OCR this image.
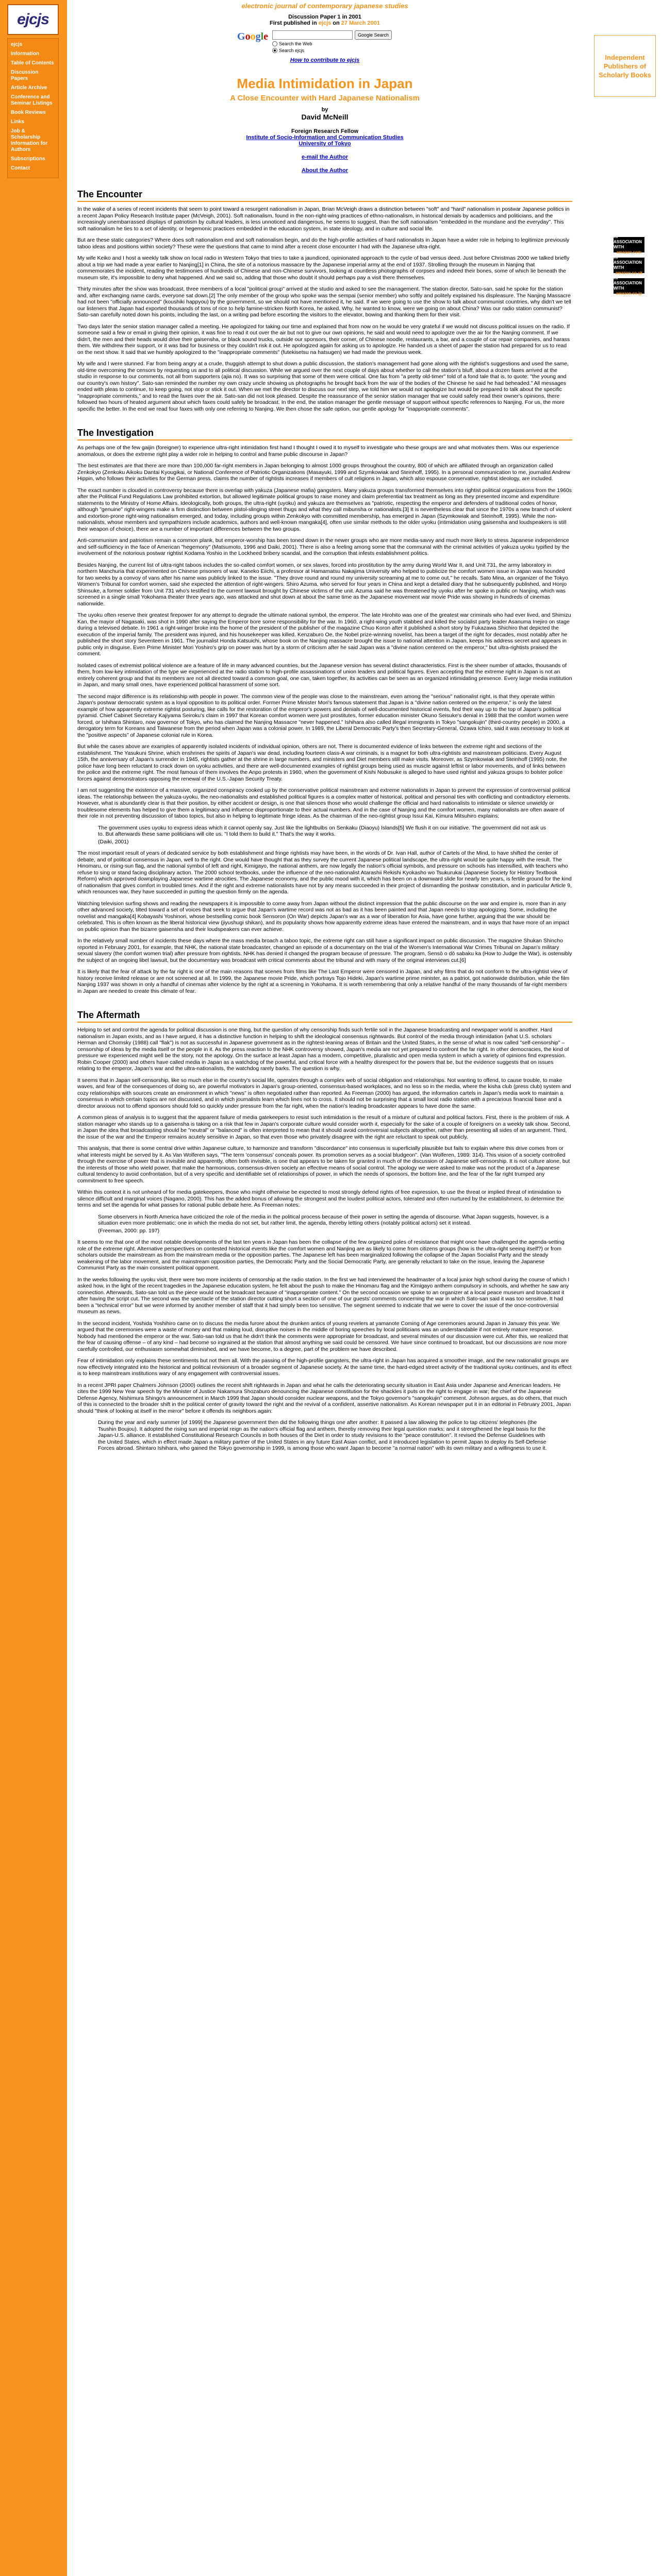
ejcjs
ejcjs
Information
Table of Contents
Discussion Papers
Article Archive
Conference and Seminar Listings
Book Reviews
Links
Job & Scholarship Information for Authors
Subscriptions
Contact
Independent Publishers of Scholarly Books
IN ASSOCIATION WITH
amazon.com
IN ASSOCIATION WITH
amazon.co.uk
IN ASSOCIATION WITH
amazon.co.jp
electronic journal of contemporary japanese studies
Discussion Paper 1 in 2001
First published in ejcjs on 27 March 2001
Google	Google Search
Search the Web
Search ejcjs
How to contribute to ejcjs
Media Intimidation in Japan
A Close Encounter with Hard Japanese Nationalism
by
David McNeill
Foreign Research Fellow
Institute of Socio-Information and Communication Studies
University of Tokyo
e-mail the Author
About the Author
The Encounter

In the wake of a series of recent incidents that seem to point toward a resurgent nationalism in Japan, Brian McVeigh draws a distinction between "soft" and "hard" nationalism in postwar Japanese politics in a recent Japan Policy Research Institute paper (McVeigh, 2001). Soft nationalism, found in the non-right-wing practices of ethno-nationalism, in historical denials by academics and politicians, and the increasingly unembarrassed displays of patriotism by cultural leaders, is less unnoticed and dangerous, he seems to suggest, than the soft nationalism "embedded in the mundane and the everyday". This soft nationalism he ties to a set of identity, or hegemonic practices embedded in the education system, in state ideology, and in culture and social life.

But are these static categories? Where does soft nationalism end and soft nationalism begin, and do the high-profile activities of hard nationalists in Japan have a wider role in helping to legitimize previously taboo ideas and positions within society? These were the questions that came to mind after a recent close encounter I had with the Japanese ultra-right.

My wife Keiko and I host a weekly talk show on local radio in Western Tokyo that tries to take a jaundiced, opinionated approach to the cycle of bad versus deed. Just before Christmas 2000 we talked briefly about a trip we had made a year earlier to Nanjing[1] in China, the site of a notorious massacre by the Japanese imperial army at the end of 1937. Strolling through the museum in Nanjing that commemorates the incident, reading the testimonies of hundreds of Chinese and non-Chinese survivors, looking at countless photographs of corpses and indeed their bones, some of which lie beneath the museum site, it's impossible to deny what happened. And we said so, adding that those who doubt it should perhaps pay a visit there themselves.

Thirty minutes after the show was broadcast, three members of a local "political group" arrived at the studio and asked to see the management. The station director, Sato-san, said he spoke for the station and, after exchanging name cards, everyone sat down.[2] The only member of the group who spoke was the sempai (senior member) who softly and politely explained his displeasure. The Nanjing Massacre had not been "officially announced" (koushiki happyou) by the government, so we should not have mentioned it, he said. If we were going to use the show to talk about communist countries, why didn't we tell our listeners that Japan had exported thousands of tons of rice to help famine-stricken North Korea, he asked. Why, he wanted to know, were we going on about China? Was our radio station communist? Sato-san carefully noted down his points, including the last, on a writing pad before escorting the visitors to the elevator, bowing and thanking them for their visit.

Two days later the senior station manager called a meeting. He apologized for taking our time and explained that from now on he would be very grateful if we would not discuss political issues on the radio. If someone said a few or email in giving their opinion, it was fine to read it out over the air but not to give our own opinions, he said and would need to apologize over the air for the Nanjing comment. If we didn't, the men and their heads would drive their gaisensha, or black sound trucks, outside our sponsors, their corner, of Chinese noodle, restaurants, a bar, and a couple of car repair companies, and harass them. We withdrew their support, or it was bad for business or they couldn't risk it out. He apologized again for asking us to apologize. He handed us a sheet of paper the station had prepared for us to read on the next show. It said that we humbly apologized to the "inappropriate comments" (futekisetsu na hatsugen) we had made the previous week.

My wife and I were stunned. Far from being angry at a crude, thuggish attempt to shut down a public discussion, the station's management had gone along with the rightist's suggestions and used the same, old-time overcoming the censors by requesting us and to all political discussion. While we argued over the next couple of days about whether to call the station's bluff, about a dozen faxes arrived at the studio in response to our comments, not all from supporters (ajia no). It was so surprising that some of them were critical. One fax from "a pretty old-timer" told of a fond tale that is, to quote: "the young and our country's own history". Sato-san reminded the number my own crazy uncle showing us photographs he brought back from the war of the bodies of the Chinese he said he had beheaded." All messages ended with pleas to continue, to keep going, not stop or stick it out. When we met the director to discuss our next step, we told him we would not apologize but would be prepared to talk about the specific "inappropriate comments," and to read the faxes over the air. Sato-san did not look pleased. Despite the reassurance of the senior station manager that we could safely read their owner's opinions, there followed two hours of heated argument about which faxes could safely be broadcast. In the end, the station manager the gentle message of support without specific references to Nanjing. For us, the more specific the better. In the end we read four faxes with only one referring to Nanjing. We then chose the safe option, our gentle apology for "inappropriate comments".

The Investigation

As perhaps one of the few gaijin (foreigner) to experience ultra-right intimidation first hand I thought I owed it to myself to investigate who these groups are and what motivates them. Was our experience anomalous, or does the extreme right play a wider role in helping to control and frame public discourse in Japan?

The best estimates are that there are more than 100,000 far-right members in Japan belonging to almost 1000 groups throughout the country, 800 of which are affiliated through an organization called Zenkokyo (Zenkoku Aikoku Dantai Kyougikai, or National Conference of Patriotic Organizations (Masayuki, 1999 and Szymkowiak and Steinhoff, 1995). In a personal communication to me, journalist Andrew Hippin, who follows their activities for the German press, claims the number of rightists increases if members of cult religions in Japan, which also espouse conservative, rightist ideology, are included.

The exact number is clouded in controversy because there is overlap with yakuza (Japanese mafia) gangsters. Many yakuza groups transformed themselves into rightist political organizations from the 1960s after the Political Fund Regulations Law prohibited extortion, but allowed legitimate political groups to raise money and claim preferential tax treatment as long as they presented income and expenditure statements to the Ministry of Home Affairs. Ideologically, both groups, the ultra-right (uyoku) and yakuza are themselves as "patriotic, respecting the emperor and defenders of traditional codes of honor, although "genuine" right-wingers make a firm distinction between pistol-slinging street thugs and what they call mibunsha or nationalists.[3] It is nevertheless clear that since the 1970s a new branch of violent and extortion-prone right-wing nationalism emerged, and today, including groups within Zenkokyo with committed membership, has emerged in Japan (Szymkowiak and Steinhoff, 1995). While the non-nationalists, whose members and sympathizers include academics, authors and well-known mangaka[4], often use similar methods to the older uyoku (intimidation using gaisensha and loudspeakers is still their weapon of choice), there are a number of important differences between the two groups.

Anti-communism and patriotism remain a common plank, but emperor-worship has been toned down in the newer groups who are more media-savvy and much more likely to stress Japanese independence and self-sufficiency in the face of American "hegemony" (Matsumoto, 1996 and Daiki, 2001). There is also a feeling among some that the communal with the criminal activities of yakuza uyoku typified by the involvement of the notorious postwar rightist Kodama Yoshio in the Lockheed bribery scandal, and the corruption that infests establishment politics.

Besides Nanjing, the current list of ultra-right taboos includes the so-called comfort women, or sex slaves, forced into prostitution by the army during World War II, and Unit 731, the army laboratory in northern Manchuria that experimented on Chinese prisoners of war. Kaneko Eiichi, a professor at Hamamatsu Nakajima University who helped to publicize the comfort women issue in Japan was hounded for two weeks by a convoy of vans after his name was publicly linked to the issue. "They drove round and round my university screaming at me to come out," he recalls. Sato Mina, an organizer of the Tokyo Women's Tribunal for comfort women, said she expected the attention of right-wingers. Shiro Azuma, who served for four years in China and kept a detailed diary that he subsequently published, and Honjo Shinsuke, a former soldier from Unit 731 who's testified to the current lawsuit brought by Chinese victims of the unit. Azuma said he was threatened by uyoku after he spoke in public on Nanjing, which was screened in a single small Yokohama theater three years ago, was attacked and shut down at about the same time as the Japanese movement war movie Pride was showing in hundreds of cinemas nationwide.

The uyoku often reserve their greatest firepower for any attempt to degrade the ultimate national symbol, the emperor. The late Hirohito was one of the greatest war criminals who had ever lived, and Shimizu Kan, the mayor of Nagasaki, was shot in 1990 after saying the Emperor bore some responsibility for the war. In 1960, a right-wing youth stabbed and killed the socialist party leader Asanuma Inejiro on stage during a televised debate. In 1961 a right-winger broke into the home of the president of the publisher of the magazine Chuo Koron after it published a short story by Fukazawa Shichiro that depicted the execution of the imperial family. The president was injured, and his housekeeper was killed. Kenzaburo Oe, the Nobel prize-winning novelist, has been a target of the right for decades, most notably after he published the short story Seventeen in 1961. The journalist Honda Katsuichi, whose book on the Nanjing massacre brought the issue to national attention in Japan, keeps his address secret and appears in public only in disguise. Even Prime Minister Mori Yoshiro's grip on power was hurt by a storm of criticism after he said Japan was a "divine nation centered on the emperor," but ultra-rightists praised the comment.

Isolated cases of extremist political violence are a feature of life in many advanced countries, but the Japanese version has several distinct characteristics. First is the sheer number of attacks, thousands of them, from low-key intimidation of the type we experienced at the radio station to high-profile assassinations of union leaders and political figures. Even accepting that the extreme right in Japan is not an entirely coherent group and that its members are not all directed toward a common goal, one can, taken together, its activities can be seen as an organized intimidating presence. Every large media institution in Japan, and many small ones, have experienced political harassment of some sort.

The second major difference is its relationship with people in power. The common view of the people was close to the mainstream, even among the "serious" nationalist right, is that they operate within Japan's postwar democratic system as a loyal opposition to its political order. Former Prime Minister Mori's famous statement that Japan is a "divine nation centered on the emperor," is only the latest example of how apparently extreme rightist posturing, like calls for the restoration of the emperor's powers and denials of well-documented historical events, find their way up to the top of Japan's political pyramid. Chief Cabinet Secretary Kajiyama Seiroku's claim in 1997 that Korean comfort women were just prostitutes, former education minister Okuno Seisuke's denial in 1988 that the comfort women were forced, or Ishihara Shintaro, now governor of Tokyo, who has claimed the Nanjing Massacre "never happened." Ishihara also called illegal immigrants in Tokyo "sangokujin" (third-country people) in 2000, a derogatory term for Koreans and Taiwanese from the period when Japan was a colonial power. In 1989, the Liberal Democratic Party's then Secretary-General, Ozawa Ichiro, said it was necessary to look at the "positive aspects" of Japanese colonial rule in Korea.

But while the cases above are examples of apparently isolated incidents of individual opinion, others are not. There is documented evidence of links between the extreme right and sections of the establishment. The Yasukuni Shrine, which enshrines the spirits of Japan's war dead, including fourteen class-A war criminals, is a magnet for both ultra-rightists and mainstream politicians. Every August 15th, the anniversary of Japan's surrender in 1945, rightists gather at the shrine in large numbers, and ministers and Diet members still make visits. Moreover, as Szymkowiak and Steinhoff (1995) note, the police have long been reluctant to crack down on uyoku activities, and there are well-documented examples of rightist groups being used as muscle against leftist or labor movements, and of links between the police and the extreme right. The most famous of them involves the Anpo protests in 1960, when the government of Kishi Nobusuke is alleged to have used rightist and yakuza groups to bolster police forces against demonstrators opposing the renewal of the U.S.-Japan Security Treaty.

I am not suggesting the existence of a massive, organized conspiracy cooked up by the conservative political mainstream and extreme nationalists in Japan to prevent the expression of controversial political ideas. The relationship between the yakuza-uyoku, the neo-nationalists and established political figures is a complex matter of historical, political and personal ties with conflicting and contradictory elements. However, what is abundantly clear is that their position, by either accident or design, is one that silences those who would challenge the official and hard nationalists to intimidate or silence unwieldy or troublesome elements has helped to give them a legitimacy and influence disproportionate to their actual numbers. And in the case of Nanjing and the comfort women, many nationalists are often aware of their role in not preventing discussion of taboo topics, but also in helping to legitimate fringe ideas. As the chairman of the neo-rightist group Issui Kai, Kimura Mitsuhiro explains:

The government uses uyoku to express ideas which it cannot openly say. Just like the lightbulbs on Senkaku (Diaoyu) Islands[5] We flush it on our initiative. The government did not ask us to. But afterwards these same politicians will cite us. "I told them to build it." That's the way it works.
(Daiki, 2001)

The most important result of years of dedicated service by both establishment and fringe rightists may have been, in the words of Dr. Ivan Hall, author of Cartels of the Mind, to have shifted the center of debate, and of political consensus in Japan, well to the right. One would have thought that as they survey the current Japanese political landscape, the ultra-right would be quite happy with the result. The Hinomaru, or rising-sun flag, and the national symbol of left and right, Kimigayo, the national anthem, are now legally the nation's official symbols, and pressure on schools has intensified, with teachers who refuse to sing or stand facing disciplinary action. The 2000 school textbooks, under the influence of the neo-nationalist Atarashii Rekishi Kyokasho wo Tsukurukai (Japanese Society for History Textbook Reform) which approved downplaying Japanese wartime atrocities. The Japanese economy, and the public mood with it, which has been on a downward slide for nearly ten years, is fertile ground for the kind of nationalism that gives comfort in troubled times. And if the right and extreme nationalists have not by any means succeeded in their project of dismantling the postwar constitution, and in particular Article 9, which renounces war, they have succeeded in putting the question firmly on the agenda.

Watching television surfing shows and reading the newspapers it is impossible to come away from Japan without the distinct impression that the public discourse on the war and empire is, more than in any other advanced society, tilted toward a set of voices that seek to argue that Japan's wartime record was not as bad as it has been painted and that Japan needs to stop apologizing. Some, including the novelist and mangaka[4] Kobayashi Yoshinori, whose bestselling comic book Sensoron (On War) depicts Japan's war as a war of liberation for Asia, have gone further, arguing that the war should be celebrated. This is often known as the liberal historical view (jiyushugi shikan), and its popularity shows how apparently extreme ideas have entered the mainstream, and in ways that have more of an impact on public opinion than the bizarre gaisensha and their loudspeakers can ever achieve.

In the relatively small number of incidents these days where the mass media broach a taboo topic, the extreme right can still have a significant impact on public discussion. The magazine Shukan Shincho reported in February 2001, for example, that NHK, the national state broadcaster, changed an episode of a documentary on the trial of the Women's International War Crimes Tribunal on Japan's military sexual slavery (the comfort women trial) after pressure from rightists. NHK has denied it changed the program because of pressure. The program, Sensō o dō sabaku ka (How to Judge the War), is ostensibly the subject of an ongoing libel lawsuit, but the documentary was broadcast with critical comments about the tribunal and with many of the original interviews cut.[6]

It is likely that the fear of attack by the far right is one of the main reasons that scenes from films like The Last Emperor were censored in Japan, and why films that do not conform to the ultra-rightist view of history receive limited release or are not screened at all. In 1999, the Japanese movie Pride, which portrays Tojo Hideki, Japan's wartime prime minister, as a patriot, got nationwide distribution, while the film Nanjing 1937 was shown in only a handful of cinemas after violence by the right at a screening in Yokohama. It is worth remembering that only a relative handful of the many thousands of far-right members in Japan are needed to create this climate of fear.

The Aftermath

Helping to set and control the agenda for political discussion is one thing, but the question of why censorship finds such fertile soil in the Japanese broadcasting and newspaper world is another. Hard nationalism in Japan exists, and as I have argued, it has a distinctive function in helping to shift the ideological consensus rightwards. But control of the media through intimidation (what U.S. scholars Herman and Chomsky (1988) call "flak") is not as successful in Japanese government as in the rightest-leaning areas of Britain and the United States, in the sense of what is now called "self-censorship" – censorship of ideas by the media itself or the people in it. As the press reaction to the NHK controversy showed, Japan's media are not yet prepared to confront the far right. In other democracies, the kind of pressure we experienced might well be the story, not the apology. On the surface at least Japan has a modern, competitive, pluralistic and open media system in which a variety of opinions find expression. Robin Cooper (2000) and others have called media in Japan as a watchdog of the powerful, and critical force with a healthy disrespect for the powers that be, but the evidence suggests that on issues relating to the emperor, Japan's war and the ultra-nationalists, the watchdog rarely barks. The question is why.

It seems that in Japan self-censorship, like so much else in the country's social life, operates through a complex web of social obligation and relationships. Not wanting to offend, to cause trouble, to make waves, and fear of the consequences of doing so, are powerful motivators in Japan's group-oriented, consensus-based workplaces, and no less so in the media, where the kisha club (press club) system and cozy relationships with sources create an environment in which "news" is often negotiated rather than reported. As Freeman (2000) has argued, the information cartels in Japan's media work to maintain a consensus in which certain topics are not discussed, and in which journalists learn which lines not to cross. It should not be surprising that a small local radio station with a precarious financial base and a director anxious not to offend sponsors should fold so quickly under pressure from the far right, when the nation's leading broadcaster appears to have done the same.

A common pleas of analysis is to suggest that the apparent failure of media gatekeepers to resist such intimidation is the result of a mixture of cultural and political factors. First, there is the problem of risk. A station manager who stands up to a gaisensha is taking on a risk that few in Japan's corporate culture would consider worth it, especially for the sake of a couple of foreigners on a weekly talk show. Second, in Japan the idea that broadcasting should be "neutral" or "balanced" is often interpreted to mean that it should avoid controversial subjects altogether, rather than presenting all sides of an argument. Third, the issue of the war and the Emperor remains acutely sensitive in Japan, so that even those who privately disagree with the right are reluctant to speak out publicly.

This analysis, that there is some central drive within Japanese culture, to harmonize and transform "discordance" into consensus is superficially plausible but fails to explain where this drive comes from or what interests might be served by it. As Van Wolferen says, "The term 'consensus' conceals power. Its promotion serves as a social bludgeon". (Van Wolferen, 1989: 314). This vision of a society controlled through the exercise of power that is invisible and apparently, often both invisible, is one that appears to be taken for granted in much of the discussion of Japanese self-censorship. It is not culture alone, but the interests of those who wield power, that make the harmonious, consensus-driven society an effective means of social control. The apology we were asked to make was not the product of a Japanese cultural tendency to avoid confrontation, but of a very specific and identifiable set of relationships of power, in which the needs of sponsors, the bottom line, and the fear of the far right trumped any commitment to free speech.

Within this context it is not unheard of for media gatekeepers, those who might otherwise be expected to most strongly defend rights of free expression, to use the threat or implied threat of intimidation to silence difficult and marginal voices (Nagano, 2000). This has the added bonus of allowing the strongest and the loudest political actors, tolerated and often nurtured by the establishment, to determine the terms and set the agenda for what passes for rational public debate here. As Freeman notes:

Some observers in North America have criticized the role of the media in the political process because of their power in setting the agenda of discourse. What Japan suggests, however, is a situation even more problematic: one in which the media do not set, but rather limit, the agenda, thereby letting others (notably political actors) set it instead.
(Freeman, 2000: pp. 197)

It seems to me that one of the most notable developments of the last ten years in Japan has been the collapse of the few organized poles of resistance that might once have challenged the agenda-setting role of the extreme right. Alternative perspectives on contested historical events like the comfort women and Nanjing are as likely to come from citizens groups (how is the ultra-right seeing itself?) or from scholars outside the mainstream as from the mainstream media or the opposition parties. The Japanese left has been marginalized following the collapse of the Japan Socialist Party and the steady weakening of the labor movement, and the mainstream opposition parties, the Democratic Party and the Social Democratic Party, are generally reluctant to take on the issue, leaving the Japanese Communist Party as the main consistent political opponent.

In the weeks following the uyoku visit, there were two more incidents of censorship at the radio station. In the first we had interviewed the headmaster of a local junior high school during the course of which I asked how, in the light of the recent tragedies in the Japanese education system, he felt about the push to make the Hinomaru flag and the Kimigayo anthem compulsory in schools, and whether he saw any connection. Afterwards, Sato-san told us the piece would not be broadcast because of "inappropriate content." On the second occasion we spoke to an organizer at a local peace museum and broadcast it after having the script cut. The second was the spectacle of the station director cutting short a section of one of our guests' comments concerning the war in which Sato-san said it was too sensitive. It had been a "technical error" but we were informed by another member of staff that it had simply been too sensitive. The segment seemed to indicate that we were to cover the issue of the once-controversial museum as news.

In the second incident, Yoshida Yoshihiro came on to discuss the media furore about the drunken antics of young revelers at yamanote Coming of Age ceremonies around Japan in January this year. We argued that the ceremonies were a waste of money and that making loud, disruptive noises in the middle of boring speeches by local politicians was an understandable if not entirely mature response. Nobody had mentioned the emperor or the war. Sato-san told us that he didn't think the comments were appropriate for broadcast, and several minutes of our discussion were cut. After this, we realized that the fear of causing offense – of any kind – had become so ingrained at the station that almost anything we said could be censored. We have since continued to broadcast, but our discussions are now more carefully controlled, our enthusiasm somewhat diminished, and we have become, to a degree, part of the problem we have described.

Fear of intimidation only explains these sentiments but not them all. With the passing of the high-profile gangsters, the ultra-right in Japan has acquired a smoother image, and the new nationalist groups are now effectively integrated into the historical and political revisionism of a broader segment of Japanese society. At the same time, the hard-edged street activity of the traditional uyoku continues, and its effect is to keep mainstream institutions wary of any engagement with controversial issues.

In a recent JPRI paper Chalmers Johnson (2000) outlines the recent shift rightwards in Japan and what he calls the deteriorating security situation in East Asia under Japanese and American leaders. He cites the 1999 New Year speech by the Minister of Justice Nakamura Shozaburo denouncing the Japanese constitution for the shackles it puts on the right to engage in war; the chief of the Japanese Defense Agency, Nishimura Shingo's announcement in March 1999 that Japan should consider nuclear weapons, and the Tokyo governor's "sangokujin" comment. Johnson argues, as do others, that much of this is connected to the broader shift in the political center of gravity toward the right and the revival of a confident, assertive nationalism. As Korean newspaper put it in an editorial in February 2001, Japan should "think of looking at itself in the mirror" before it offends its neighbors again:

During the year and early summer [of 1999] the Japanese government then did the following things one after another: It passed a law allowing the police to tap citizens' telephones (the Tsushin Boujou). It adopted the rising sun and imperial reign as the nation's official flag and anthem, thereby removing their legal question marks; and it strengthened the legal basis for the Japan-U.S. alliance. It established Constitutional Research Councils in both houses of the Diet in order to study revisions to the "peace constitution". It revised the Defense Guidelines with the United States, which in effect made Japan a military partner of the United States in any future East Asian conflict, and it introduced legislation to permit Japan to deploy its Self-Defense Forces abroad. Shintaro Ishihara, who gained the Tokyo governorship in 1999, is among those who want Japan to become "a normal nation" with its own military and a willingness to use it.
